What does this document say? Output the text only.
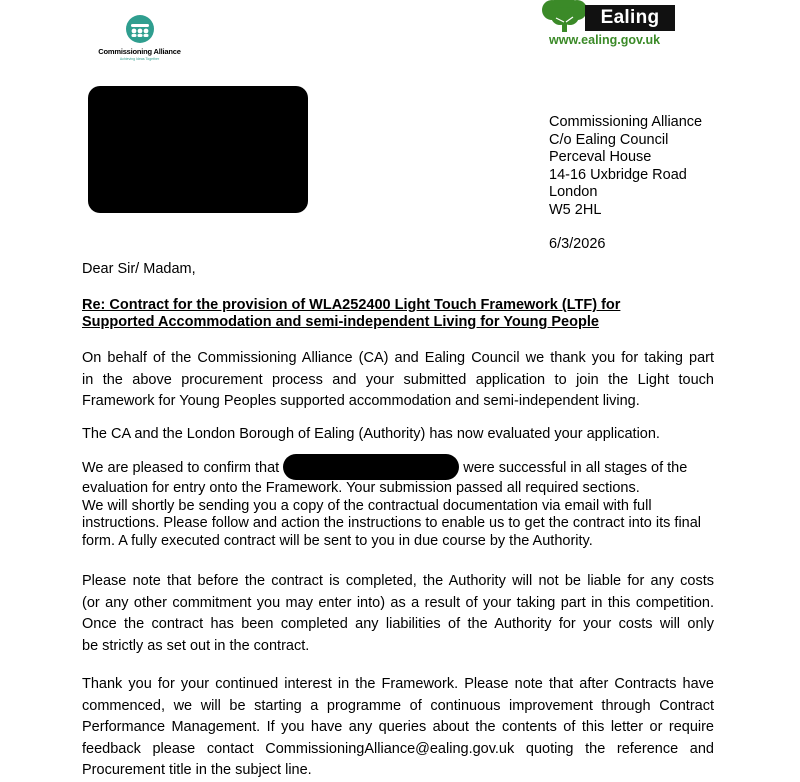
Commissioning Alliance
Achieving Ideas Together
Ealing
www.ealing.gov.uk
Commissioning Alliance
C/o Ealing Council
Perceval House
14-16 Uxbridge Road
London
W5 2HL
6/3/2026
Dear Sir/ Madam,
Re: Contract for the provision of WLA252400 Light Touch Framework (LTF) for
Supported Accommodation and semi-independent Living for Young People
On behalf of the Commissioning Alliance (CA) and Ealing Council we thank you for taking part
in the above procurement process and your submitted application to join the Light touch
Framework for Young Peoples supported accommodation and semi-independent living.
The CA and the London Borough of Ealing (Authority) has now evaluated your application.
We are pleased to confirm that	were successful in all stages of the
evaluation for entry onto the Framework. Your submission passed all required sections.
We will shortly be sending you a copy of the contractual documentation via email with full
instructions. Please follow and action the instructions to enable us to get the contract into its final
form. A fully executed contract will be sent to you in due course by the Authority.
Please note that before the contract is completed, the Authority will not be liable for any costs
(or any other commitment you may enter into) as a result of your taking part in this competition.
Once the contract has been completed any liabilities of the Authority for your costs will only
be strictly as set out in the contract.
Thank you for your continued interest in the Framework. Please note that after Contracts have
commenced, we will be starting a programme of continuous improvement through Contract
Performance Management. If you have any queries about the contents of this letter or require
feedback please contact CommissioningAlliance@ealing.gov.uk quoting the reference and
Procurement title in the subject line.
